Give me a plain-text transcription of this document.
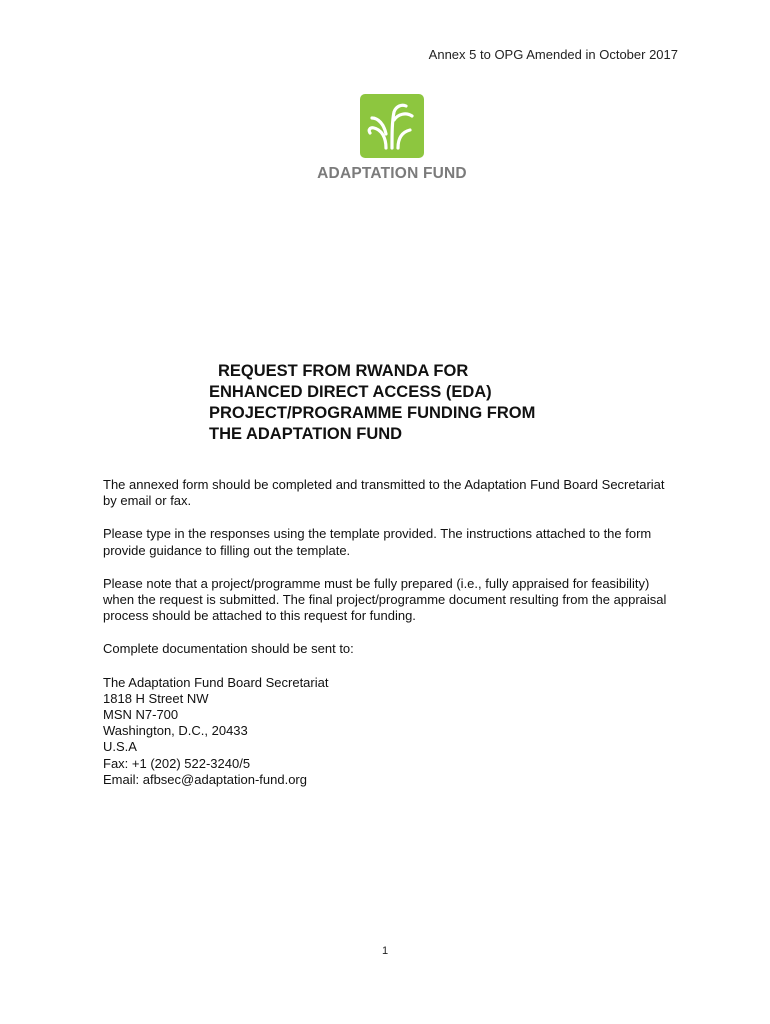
Annex 5 to OPG Amended in October 2017
ADAPTATION FUND
REQUEST FROM RWANDA FOR
ENHANCED DIRECT ACCESS (EDA)
PROJECT/PROGRAMME FUNDING FROM
THE ADAPTATION FUND

The annexed form should be completed and transmitted to the Adaptation Fund Board Secretariat by email or fax.

Please type in the responses using the template provided. The instructions attached to the form provide guidance to filling out the template.

Please note that a project/programme must be fully prepared (i.e., fully appraised for feasibility) when the request is submitted. The final project/programme document resulting from the appraisal process should be attached to this request for funding.

Complete documentation should be sent to:

The Adaptation Fund Board Secretariat
1818 H Street NW
MSN N7-700
Washington, D.C., 20433
U.S.A
Fax: +1 (202) 522-3240/5
Email: afbsec@adaptation-fund.org
1
